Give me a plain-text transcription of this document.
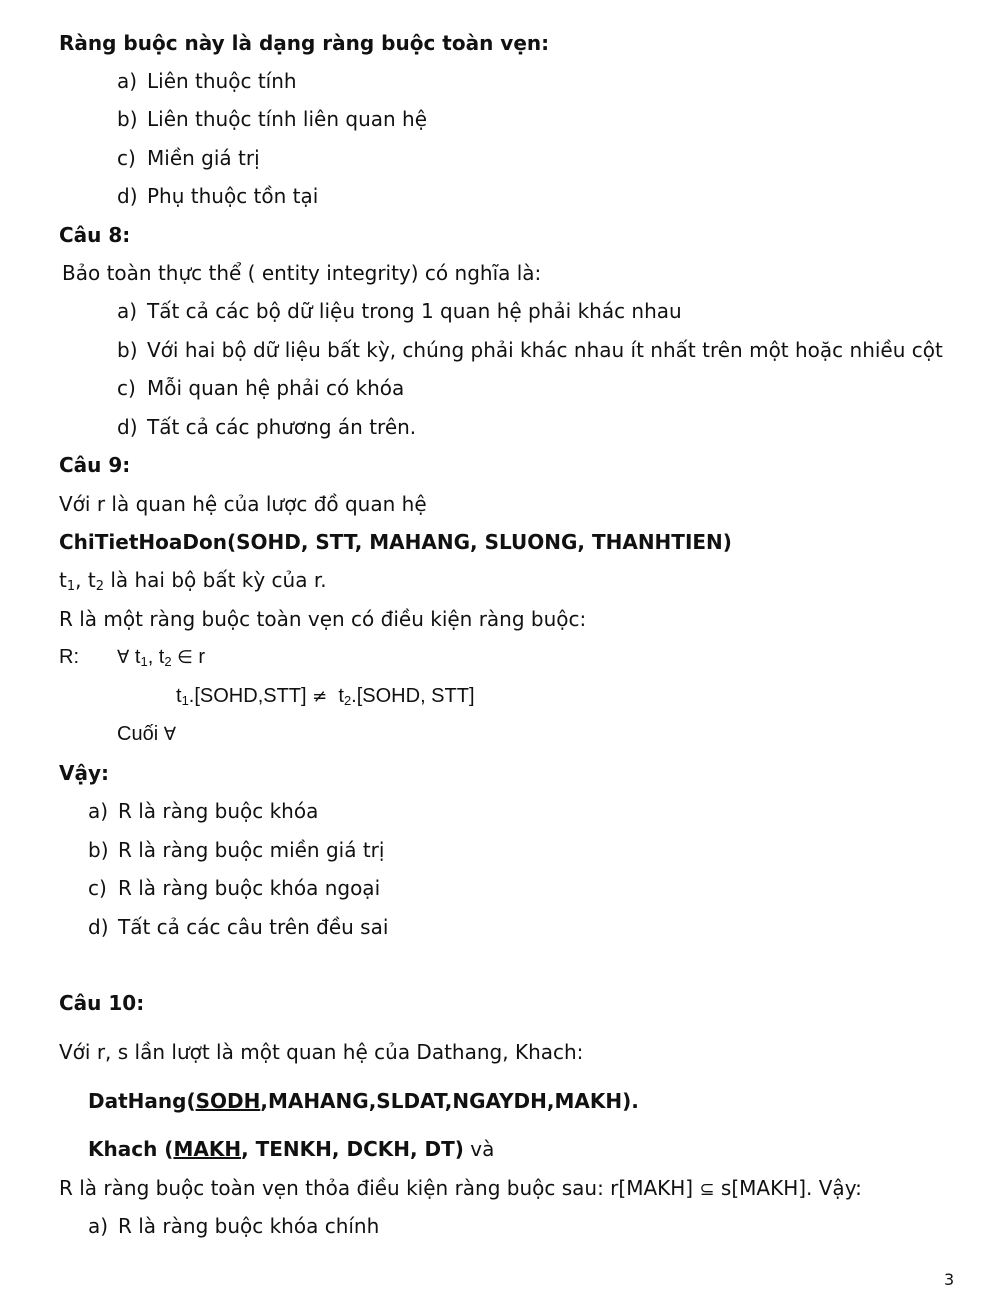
Ràng buộc này là dạng ràng buộc toàn vẹn:
a) Liên thuộc tính
b) Liên thuộc tính liên quan hệ
c) Miền giá trị
d) Phụ thuộc tồn tại
Câu 8:
Bảo toàn thực thể ( entity integrity) có nghĩa là:
a) Tất cả các bộ dữ liệu trong 1 quan hệ phải khác nhau
b) Với hai bộ dữ liệu bất kỳ, chúng phải khác nhau ít nhất trên một hoặc nhiều cột
c) Mỗi quan hệ phải có khóa
d) Tất cả các phương án trên.
Câu 9:
Với r là quan hệ của lược đồ quan hệ
ChiTietHoaDon(SOHD, STT, MAHANG, SLUONG, THANHTIEN)
$t_1$, $t_2$ là hai bộ bất kỳ của r.
R là một ràng buộc toàn vẹn có điều kiện ràng buộc:
R: ∀ $t_1$, $t_2$ ∈ r
$t_1.[SOHD,STT]$ ≠ $t_2.[SOHD$, STT]
Cuối ∀
Vậy:
a) R là ràng buộc khóa
b) R là ràng buộc miền giá trị
c) R là ràng buộc khóa ngoại
d) Tất cả các câu trên đều sai
Câu 10:
Với r, s lần lượt là một quan hệ của Dathang, Khach:
DatHang(SODH,MAHANG,SLDAT,NGAYDH,MAKH).
Khach (MAKH, TENKH, DCKH, DT) và
R là ràng buộc toàn vẹn thỏa điều kiện ràng buộc sau: r[MAKH] ⊆ s[MAKH]. Vậy:
a) R là ràng buộc khóa chính
3
